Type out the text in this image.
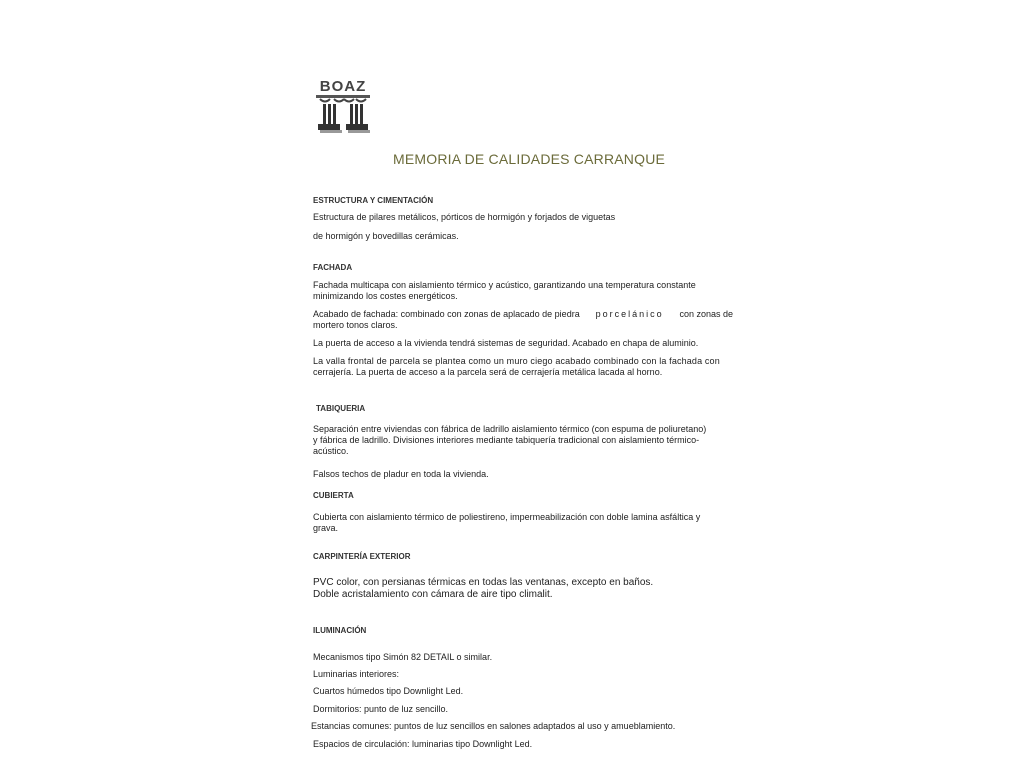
BOAZ
MEMORIA DE CALIDADES CARRANQUE
ESTRUCTURA Y CIMENTACIÓN
Estructura de pilares metálicos, pórticos de hormigón y forjados de viguetas
de hormigón y bovedillas cerámicas.
FACHADA
Fachada multicapa con aislamiento térmico y acústico, garantizando una temperatura constante
minimizando los costes energéticos.
Acabado de fachada: combinado con zonas de aplacado de piedra porcelánico con zonas de
mortero tonos claros.
La puerta de acceso a la vivienda tendrá sistemas de seguridad. Acabado en chapa de aluminio.
La valla frontal de parcela se plantea como un muro ciego acabado combinado con la fachada con
cerrajería. La puerta de acceso a la parcela será de cerrajería metálica lacada al horno.
TABIQUERIA
Separación entre viviendas con fábrica de ladrillo aislamiento térmico (con espuma de poliuretano)
y fábrica de ladrillo. Divisiones interiores mediante tabiquería tradicional con aislamiento térmico-
acústico.
Falsos techos de pladur en toda la vivienda.
CUBIERTA
Cubierta con aislamiento térmico de poliestireno, impermeabilización con doble lamina asfáltica y
grava.
CARPINTERÍA EXTERIOR
PVC color, con persianas térmicas en todas las ventanas, excepto en baños.
Doble acristalamiento con cámara de aire tipo climalit.
ILUMINACIÓN
Mecanismos tipo Simón 82 DETAIL o similar.
Luminarias interiores:
Cuartos húmedos tipo Downlight Led.
Dormitorios: punto de luz sencillo.
Estancias comunes: puntos de luz sencillos en salones adaptados al uso y amueblamiento.
Espacios de circulación: luminarias tipo Downlight Led.
